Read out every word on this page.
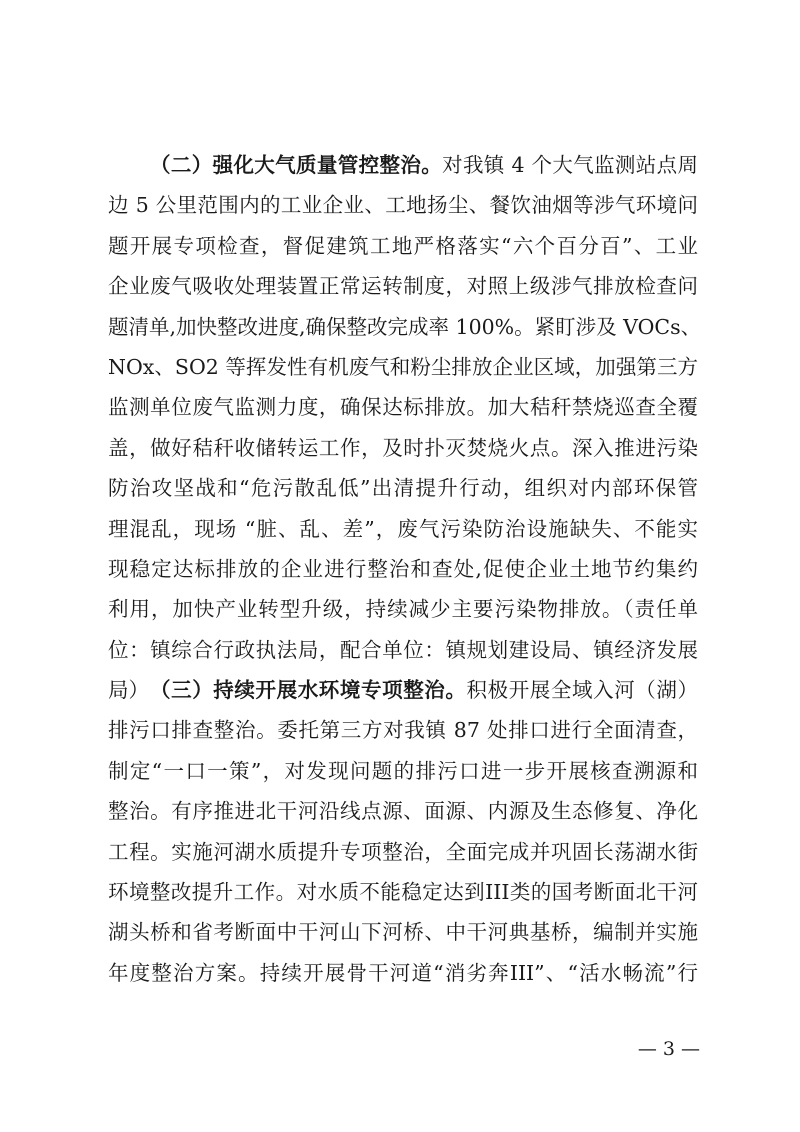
（二）强化大气质量管控整治。对我镇 4 个大气监测站点周
边 5 公里范围内的工业企业、工地扬尘、餐饮油烟等涉气环境问
题开展专项检查，督促建筑工地严格落实“六个百分百”、工业
企业废气吸收处理装置正常运转制度，对照上级涉气排放检查问
题清单,加快整改进度,确保整改完成率 100%。紧盯涉及 VOCs、
NOx、SO2 等挥发性有机废气和粉尘排放企业区域，加强第三方
监测单位废气监测力度，确保达标排放。加大秸秆禁烧巡查全覆
盖，做好秸秆收储转运工作，及时扑灭焚烧火点。深入推进污染
防治攻坚战和“危污散乱低”出清提升行动，组织对内部环保管
理混乱，现场 “脏、乱、差”，废气污染防治设施缺失、不能实
现稳定达标排放的企业进行整治和查处,促使企业土地节约集约
利用，加快产业转型升级，持续减少主要污染物排放。（责任单
位：镇综合行政执法局，配合单位：镇规划建设局、镇经济发展
局） （三）持续开展水环境专项整治。积极开展全域入河（湖）
排污口排查整治。委托第三方对我镇 87 处排口进行全面清查，
制定“一口一策”，对发现问题的排污口进一步开展核查溯源和
整治。有序推进北干河沿线点源、面源、内源及生态修复、净化
工程。实施河湖水质提升专项整治，全面完成并巩固长荡湖水街
环境整改提升工作。对水质不能稳定达到III类的国考断面北干河
湖头桥和省考断面中干河山下河桥、中干河典基桥，编制并实施
年度整治方案。持续开展骨干河道“消劣奔III”、“活水畅流”行
— 3 —
